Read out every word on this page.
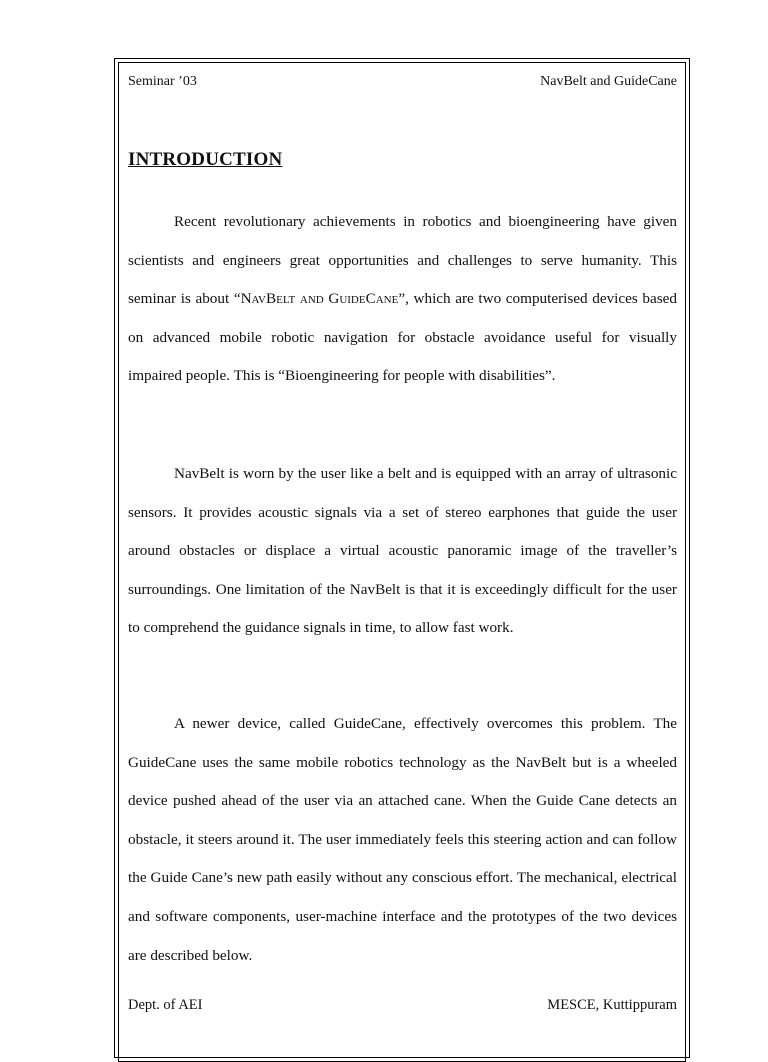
Seminar ’03	NavBelt and GuideCane
INTRODUCTION

Recent revolutionary achievements in robotics and bioengineering have given scientists and engineers great opportunities and challenges to serve humanity. This seminar is about “NavBelt and GuideCane”, which are two computerised devices based on advanced mobile robotic navigation for obstacle avoidance useful for visually impaired people. This is “Bioengineering for people with disabilities”.

NavBelt is worn by the user like a belt and is equipped with an array of ultrasonic sensors. It provides acoustic signals via a set of stereo earphones that guide the user around obstacles or displace a virtual acoustic panoramic image of the traveller’s surroundings. One limitation of the NavBelt is that it is exceedingly difficult for the user to comprehend the guidance signals in time, to allow fast work.

A newer device, called GuideCane, effectively overcomes this problem. The GuideCane uses the same mobile robotics technology as the NavBelt but is a wheeled device pushed ahead of the user via an attached cane. When the Guide Cane detects an obstacle, it steers around it. The user immediately feels this steering action and can follow the Guide Cane’s new path easily without any conscious effort. The mechanical, electrical and software components, user-machine interface and the prototypes of the two devices are described below.

Dept. of AEI	MESCE, Kuttippuram
